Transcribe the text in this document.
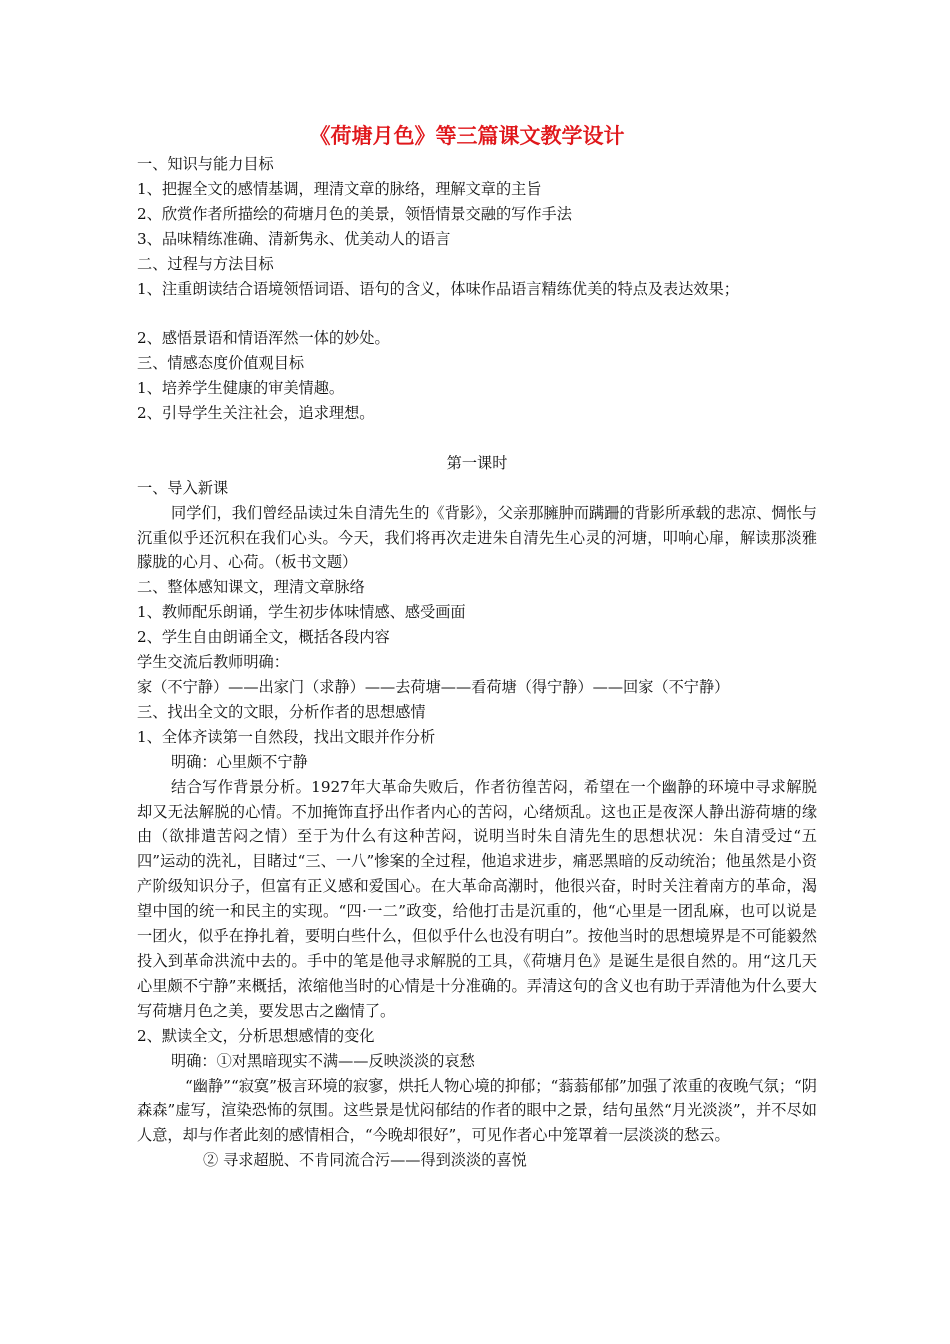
《荷塘月色》等三篇课文教学设计
一、知识与能力目标
1、把握全文的感情基调，理清文章的脉络，理解文章的主旨
2、欣赏作者所描绘的荷塘月色的美景，领悟情景交融的写作手法
3、品味精练准确、清新隽永、优美动人的语言
二、过程与方法目标
1、注重朗读结合语境领悟词语、语句的含义，体味作品语言精练优美的特点及表达效果；
2、感悟景语和情语浑然一体的妙处。
三、情感态度价值观目标
1、培养学生健康的审美情趣。
2、引导学生关注社会，追求理想。
第一课时
一、导入新课
同学们，我们曾经品读过朱自清先生的《背影》，父亲那臃肿而蹒跚的背影所承载的悲凉、惆怅与沉重似乎还沉积在我们心头。今天，我们将再次走进朱自清先生心灵的河塘，叩响心扉，解读那淡雅朦胧的心月、心荷。（板书文题）
二、整体感知课文，理清文章脉络
1、教师配乐朗诵，学生初步体味情感、感受画面
2、学生自由朗诵全文，概括各段内容
学生交流后教师明确：
家（不宁静）——出家门（求静）——去荷塘——看荷塘（得宁静）——回家（不宁静）
三、找出全文的文眼，分析作者的思想感情
1、全体齐读第一自然段，找出文眼并作分析
明确：心里颇不宁静
结合写作背景分析。1927年大革命失败后，作者彷徨苦闷，希望在一个幽静的环境中寻求解脱却又无法解脱的心情。不加掩饰直抒出作者内心的苦闷，心绪烦乱。这也正是夜深人静出游荷塘的缘由（欲排遣苦闷之情）至于为什么有这种苦闷，说明当时朱自清先生的思想状况：朱自清受过“五四”运动的洗礼，目睹过“三、一八”惨案的全过程，他追求进步，痛恶黑暗的反动统治；他虽然是小资产阶级知识分子，但富有正义感和爱国心。在大革命高潮时，他很兴奋，时时关注着南方的革命，渴望中国的统一和民主的实现。“四·一二”政变，给他打击是沉重的，他“心里是一团乱麻，也可以说是一团火，似乎在挣扎着，要明白些什么，但似乎什么也没有明白”。按他当时的思想境界是不可能毅然投入到革命洪流中去的。手中的笔是他寻求解脱的工具，《荷塘月色》是诞生是很自然的。用“这几天心里颇不宁静”来概括，浓缩他当时的心情是十分准确的。弄清这句的含义也有助于弄清他为什么要大写荷塘月色之美，要发思古之幽情了。
2、默读全文，分析思想感情的变化
明确：①对黑暗现实不满——反映淡淡的哀愁
“幽静”“寂寞”极言环境的寂寥，烘托人物心境的抑郁；“蓊蓊郁郁”加强了浓重的夜晚气氛；“阴森森”虚写，渲染恐怖的氛围。这些景是忧闷郁结的作者的眼中之景，结句虽然“月光淡淡”，并不尽如人意，却与作者此刻的感情相合，“今晚却很好”，可见作者心中笼罩着一层淡淡的愁云。
② 寻求超脱、不肯同流合污——得到淡淡的喜悦
